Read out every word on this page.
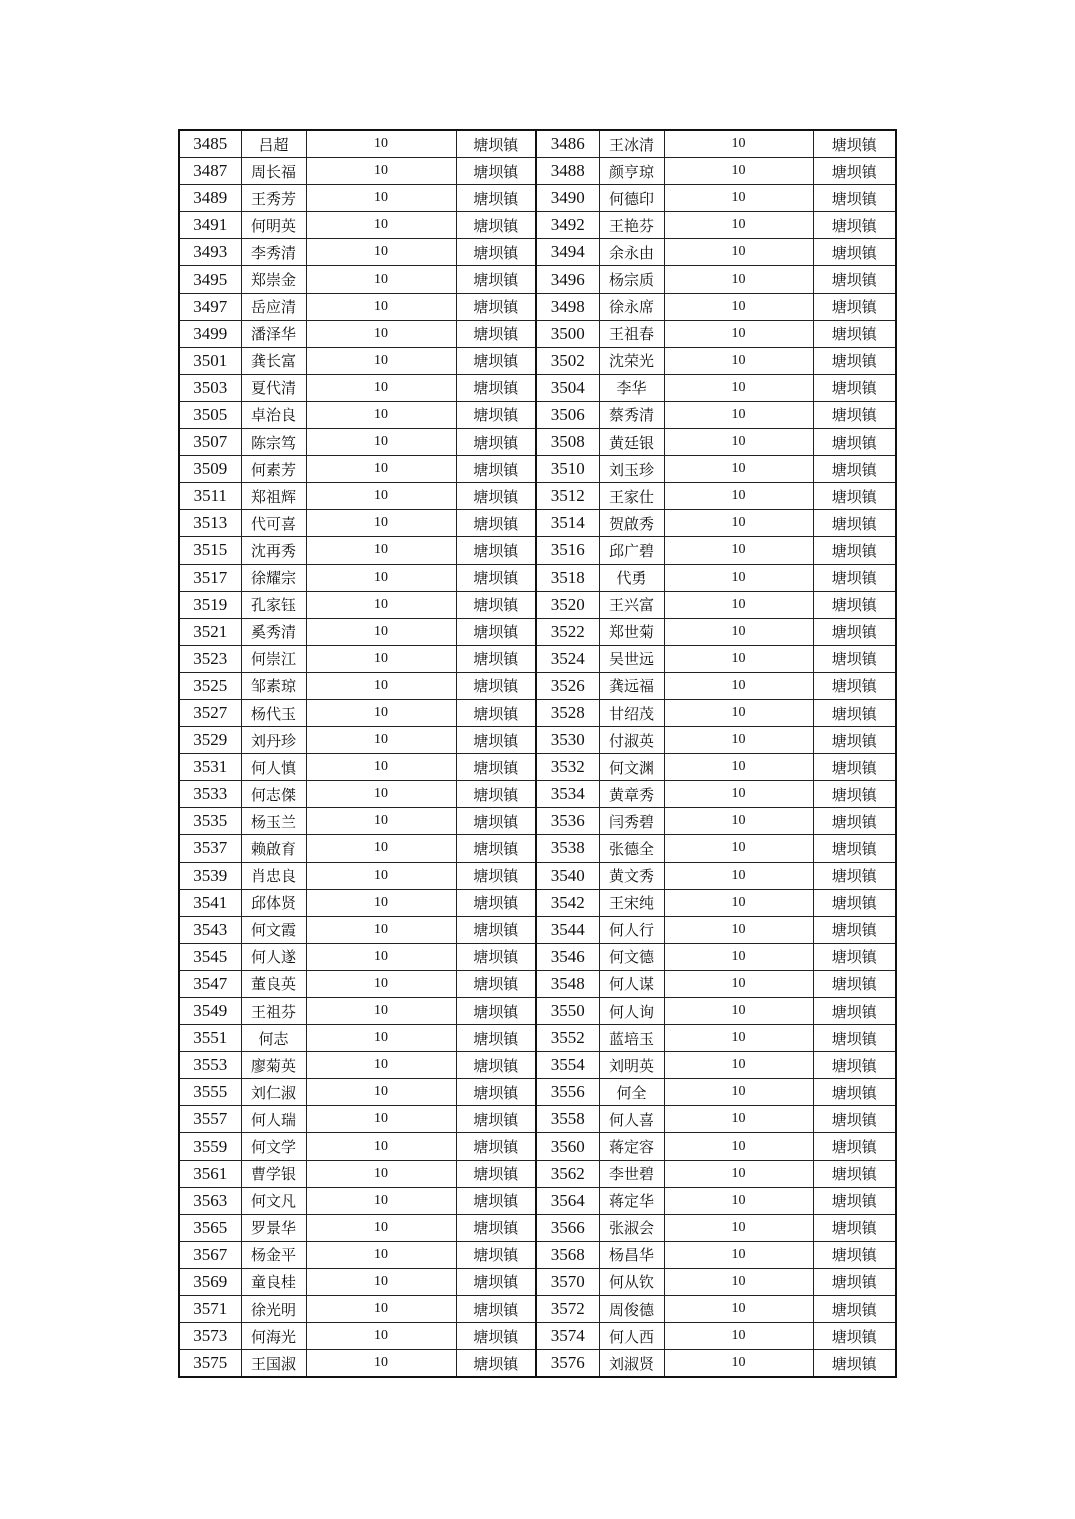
3485	吕超	10	塘坝镇	3486	王冰清	10	塘坝镇
3487	周长福	10	塘坝镇	3488	颜亨琼	10	塘坝镇
3489	王秀芳	10	塘坝镇	3490	何德印	10	塘坝镇
3491	何明英	10	塘坝镇	3492	王艳芬	10	塘坝镇
3493	李秀清	10	塘坝镇	3494	余永由	10	塘坝镇
3495	郑崇金	10	塘坝镇	3496	杨宗质	10	塘坝镇
3497	岳应清	10	塘坝镇	3498	徐永席	10	塘坝镇
3499	潘泽华	10	塘坝镇	3500	王祖春	10	塘坝镇
3501	龚长富	10	塘坝镇	3502	沈荣光	10	塘坝镇
3503	夏代清	10	塘坝镇	3504	李华	10	塘坝镇
3505	卓治良	10	塘坝镇	3506	蔡秀清	10	塘坝镇
3507	陈宗笃	10	塘坝镇	3508	黄廷银	10	塘坝镇
3509	何素芳	10	塘坝镇	3510	刘玉珍	10	塘坝镇
3511	郑祖辉	10	塘坝镇	3512	王家仕	10	塘坝镇
3513	代可喜	10	塘坝镇	3514	贺啟秀	10	塘坝镇
3515	沈再秀	10	塘坝镇	3516	邱广碧	10	塘坝镇
3517	徐耀宗	10	塘坝镇	3518	代勇	10	塘坝镇
3519	孔家钰	10	塘坝镇	3520	王兴富	10	塘坝镇
3521	奚秀清	10	塘坝镇	3522	郑世菊	10	塘坝镇
3523	何崇江	10	塘坝镇	3524	吴世远	10	塘坝镇
3525	邹素琼	10	塘坝镇	3526	龚远福	10	塘坝镇
3527	杨代玉	10	塘坝镇	3528	甘绍茂	10	塘坝镇
3529	刘丹珍	10	塘坝镇	3530	付淑英	10	塘坝镇
3531	何人慎	10	塘坝镇	3532	何文渊	10	塘坝镇
3533	何志傑	10	塘坝镇	3534	黄章秀	10	塘坝镇
3535	杨玉兰	10	塘坝镇	3536	闫秀碧	10	塘坝镇
3537	赖啟育	10	塘坝镇	3538	张德全	10	塘坝镇
3539	肖忠良	10	塘坝镇	3540	黄文秀	10	塘坝镇
3541	邱体贤	10	塘坝镇	3542	王宋纯	10	塘坝镇
3543	何文霞	10	塘坝镇	3544	何人行	10	塘坝镇
3545	何人遂	10	塘坝镇	3546	何文德	10	塘坝镇
3547	董良英	10	塘坝镇	3548	何人谋	10	塘坝镇
3549	王祖芬	10	塘坝镇	3550	何人询	10	塘坝镇
3551	何志	10	塘坝镇	3552	蓝培玉	10	塘坝镇
3553	廖菊英	10	塘坝镇	3554	刘明英	10	塘坝镇
3555	刘仁淑	10	塘坝镇	3556	何全	10	塘坝镇
3557	何人瑞	10	塘坝镇	3558	何人喜	10	塘坝镇
3559	何文学	10	塘坝镇	3560	蒋定容	10	塘坝镇
3561	曹学银	10	塘坝镇	3562	李世碧	10	塘坝镇
3563	何文凡	10	塘坝镇	3564	蒋定华	10	塘坝镇
3565	罗景华	10	塘坝镇	3566	张淑会	10	塘坝镇
3567	杨金平	10	塘坝镇	3568	杨昌华	10	塘坝镇
3569	童良桂	10	塘坝镇	3570	何从钦	10	塘坝镇
3571	徐光明	10	塘坝镇	3572	周俊德	10	塘坝镇
3573	何海光	10	塘坝镇	3574	何人西	10	塘坝镇
3575	王国淑	10	塘坝镇	3576	刘淑贤	10	塘坝镇
